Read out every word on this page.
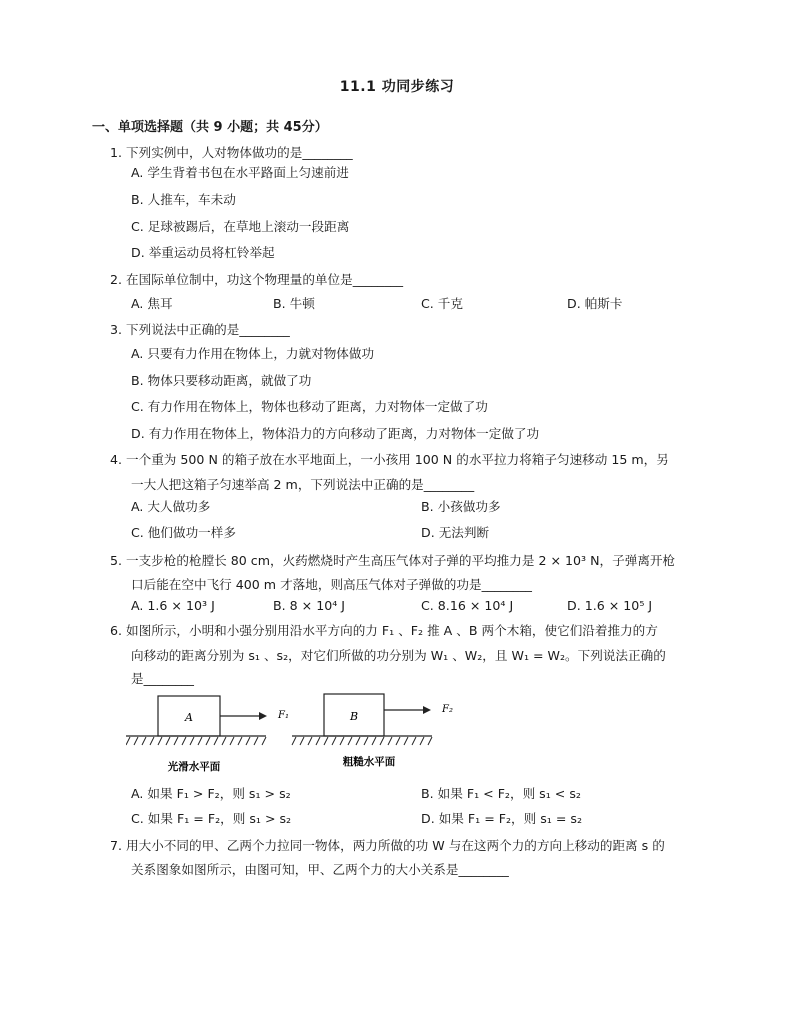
11.1 功同步练习
一、单项选择题（共 9 小题；共 45分）
1. 下列实例中，人对物体做功的是________
A. 学生背着书包在水平路面上匀速前进
B. 人推车，车未动
C. 足球被踢后，在草地上滚动一段距离
D. 举重运动员将杠铃举起
2. 在国际单位制中，功这个物理量的单位是________
A. 焦耳	B. 牛顿	C. 千克	D. 帕斯卡
3. 下列说法中正确的是________
A. 只要有力作用在物体上，力就对物体做功
B. 物体只要移动距离，就做了功
C. 有力作用在物体上，物体也移动了距离，力对物体一定做了功
D. 有力作用在物体上，物体沿力的方向移动了距离，力对物体一定做了功
4. 一个重为 500 N 的箱子放在水平地面上，一小孩用 100 N 的水平拉力将箱子匀速移动 15 m，另
一大人把这箱子匀速举高 2 m，下列说法中正确的是________
A. 大人做功多	B. 小孩做功多
C. 他们做功一样多	D. 无法判断
5. 一支步枪的枪膛长 80 cm，火药燃烧时产生高压气体对子弹的平均推力是 2 × 10³ N，子弹离开枪
口后能在空中飞行 400 m 才落地，则高压气体对子弹做的功是________
A. 1.6 × 10³ J	B. 8 × 10⁴ J	C. 8.16 × 10⁴ J	D. 1.6 × 10⁵ J
6. 如图所示，小明和小强分别用沿水平方向的力 F₁ 、F₂ 推 A 、B 两个木箱，使它们沿着推力的方
向移动的距离分别为 s₁ 、s₂，对它们所做的功分别为 W₁ 、W₂，且 W₁ = W₂。下列说法正确的
是________
A	F₁
光滑水平面
B
F₂
粗糙水平面
A. 如果 F₁ > F₂，则 s₁ > s₂	B. 如果 F₁ < F₂，则 s₁ < s₂
C. 如果 F₁ = F₂，则 s₁ > s₂	D. 如果 F₁ = F₂，则 s₁ = s₂
7. 用大小不同的甲、乙两个力拉同一物体，两力所做的功 W 与在这两个力的方向上移动的距离 s 的
关系图象如图所示，由图可知，甲、乙两个力的大小关系是________
